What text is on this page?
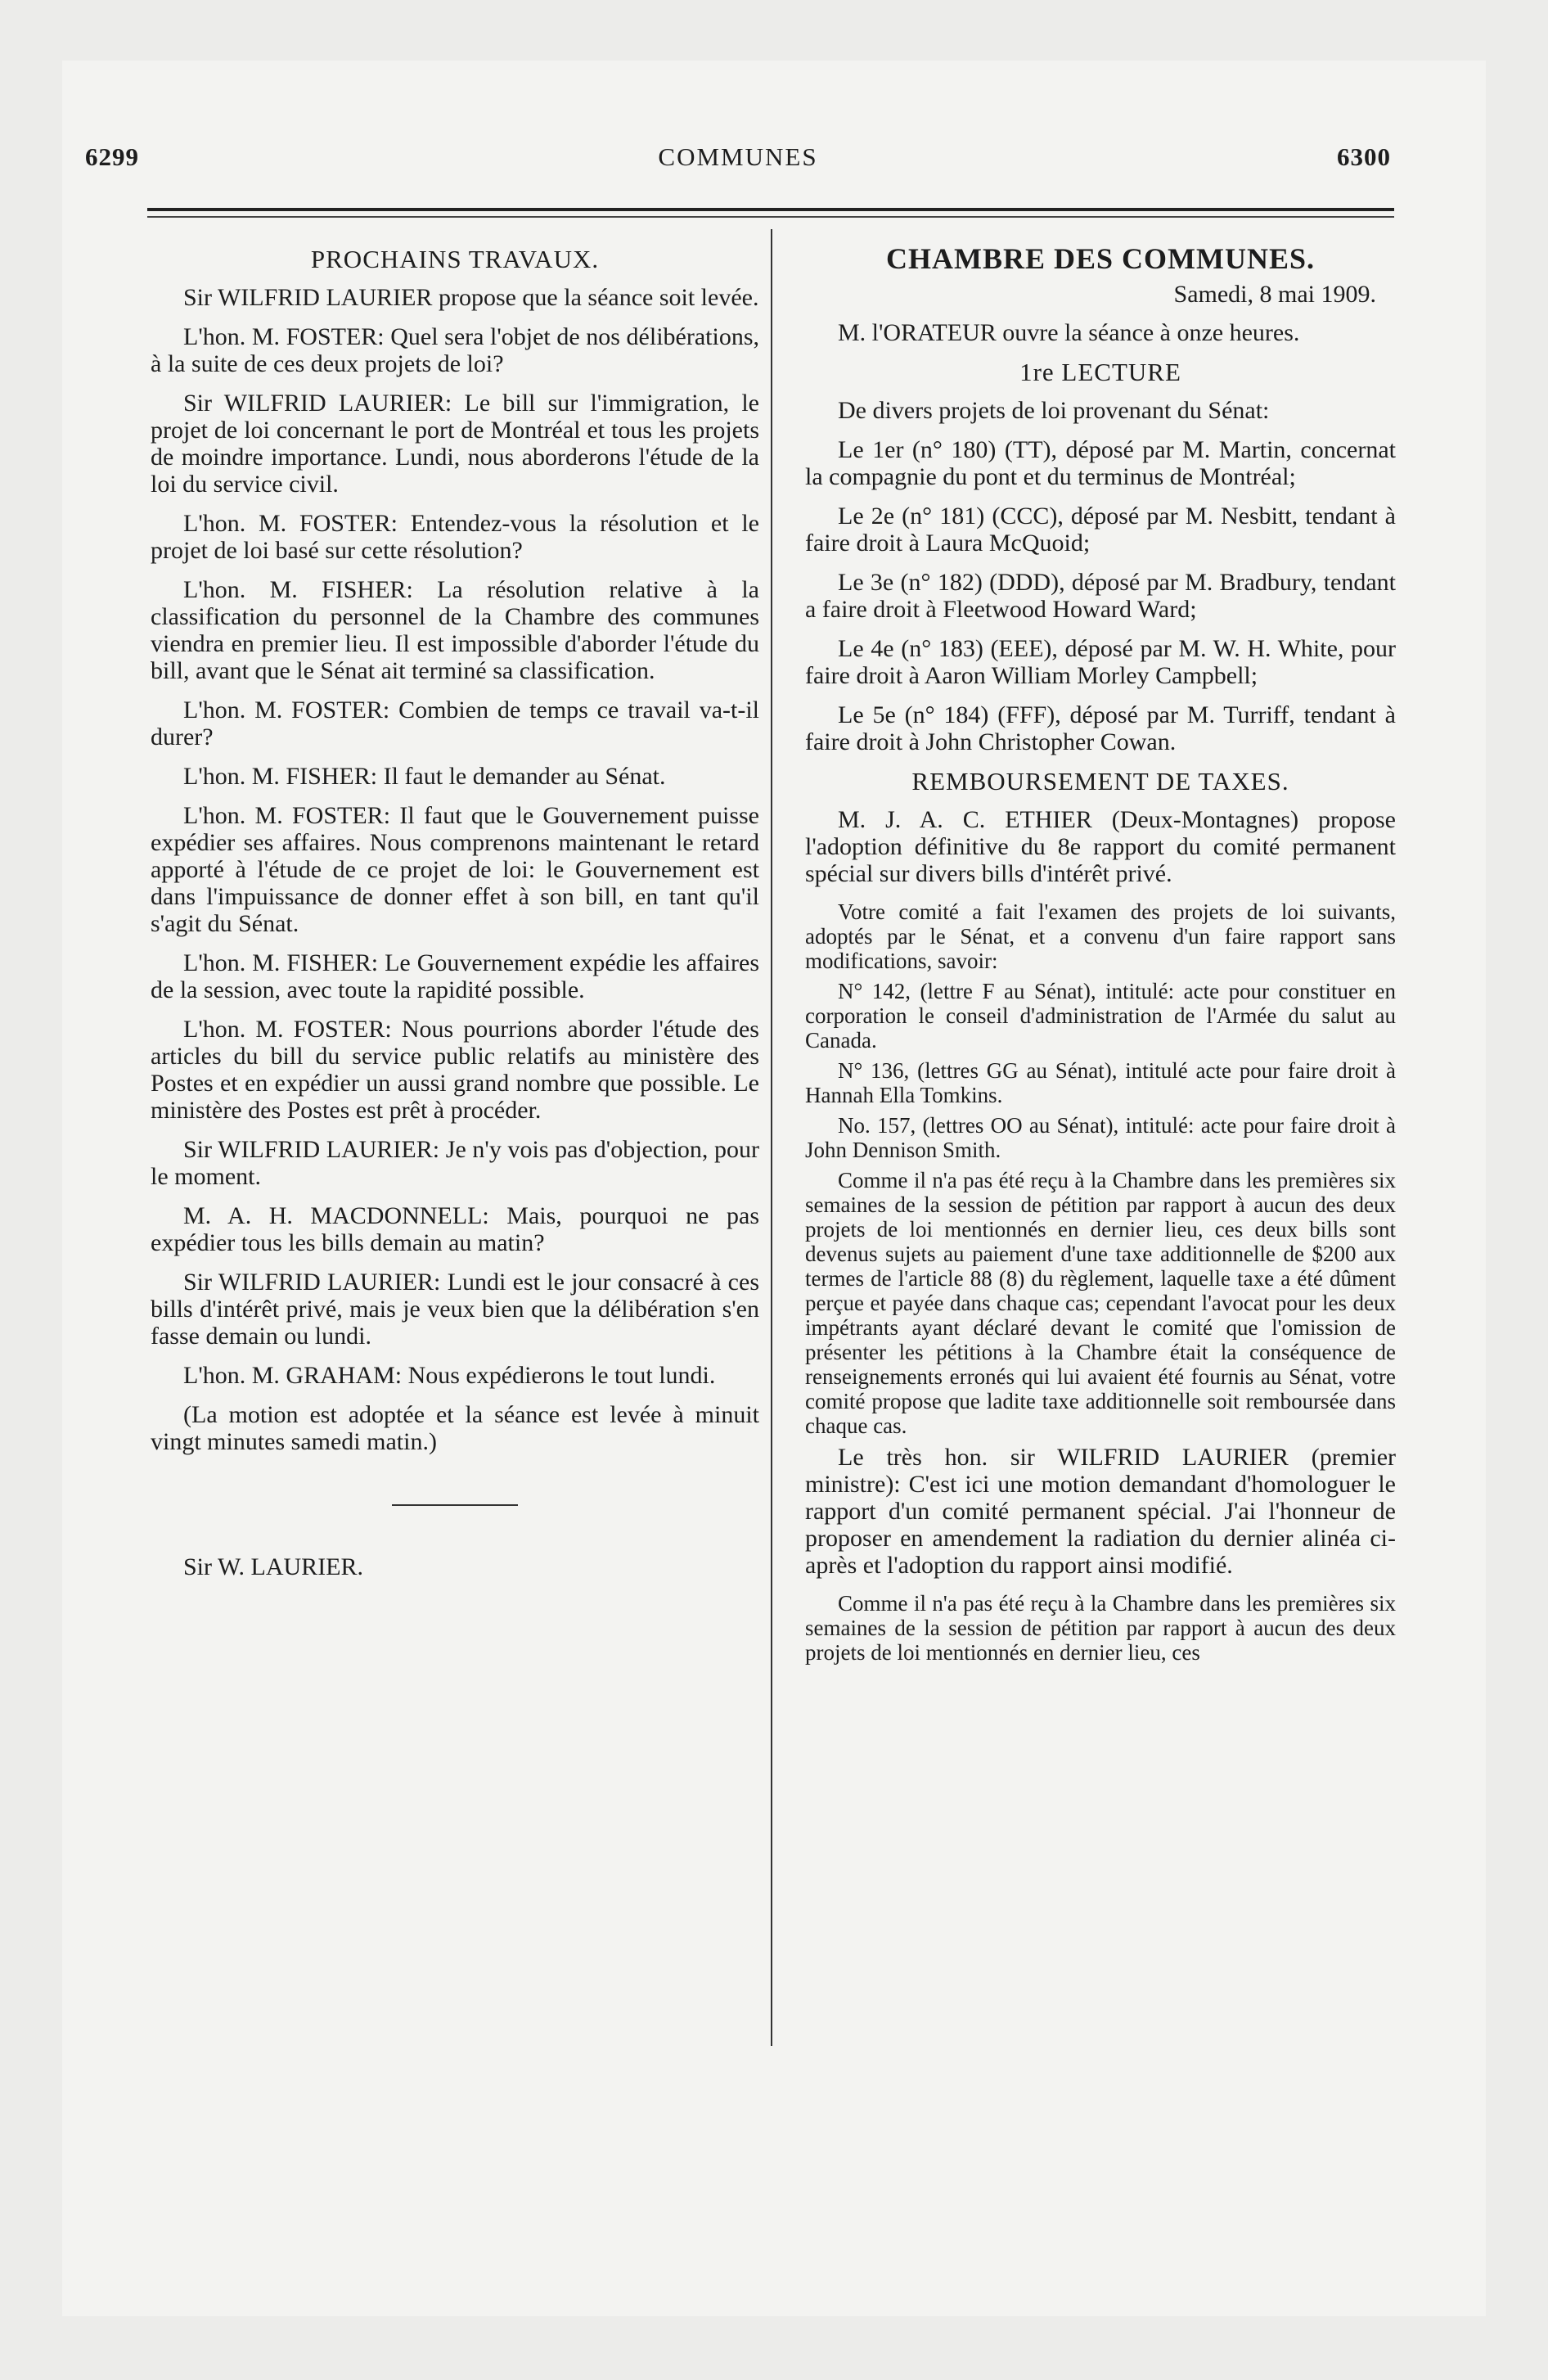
6299	COMMUNES	6300
PROCHAINS TRAVAUX.

Sir WILFRID LAURIER propose que la séance soit levée.

L'hon. M. FOSTER: Quel sera l'objet de nos délibérations, à la suite de ces deux projets de loi?

Sir WILFRID LAURIER: Le bill sur l'immigration, le projet de loi concernant le port de Montréal et tous les projets de moindre importance. Lundi, nous aborderons l'étude de la loi du service civil.

L'hon. M. FOSTER: Entendez-vous la résolution et le projet de loi basé sur cette résolution?

L'hon. M. FISHER: La résolution relative à la classification du personnel de la Chambre des communes viendra en premier lieu. Il est impossible d'aborder l'étude du bill, avant que le Sénat ait terminé sa classification.

L'hon. M. FOSTER: Combien de temps ce travail va-t-il durer?

L'hon. M. FISHER: Il faut le demander au Sénat.

L'hon. M. FOSTER: Il faut que le Gouvernement puisse expédier ses affaires. Nous comprenons maintenant le retard apporté à l'étude de ce projet de loi: le Gouvernement est dans l'impuissance de donner effet à son bill, en tant qu'il s'agit du Sénat.

L'hon. M. FISHER: Le Gouvernement expédie les affaires de la session, avec toute la rapidité possible.

L'hon. M. FOSTER: Nous pourrions aborder l'étude des articles du bill du service public relatifs au ministère des Postes et en expédier un aussi grand nombre que possible. Le ministère des Postes est prêt à procéder.

Sir WILFRID LAURIER: Je n'y vois pas d'objection, pour le moment.

M. A. H. MACDONNELL: Mais, pourquoi ne pas expédier tous les bills demain au matin?

Sir WILFRID LAURIER: Lundi est le jour consacré à ces bills d'intérêt privé, mais je veux bien que la délibération s'en fasse demain ou lundi.

L'hon. M. GRAHAM: Nous expédierons le tout lundi.

(La motion est adoptée et la séance est levée à minuit vingt minutes samedi matin.)

Sir W. LAURIER.

CHAMBRE DES COMMUNES.
Samedi, 8 mai 1909.

M. l'ORATEUR ouvre la séance à onze heures.

1re LECTURE

De divers projets de loi provenant du Sénat:

Le 1er (n° 180) (TT), déposé par M. Martin, concernat la compagnie du pont et du terminus de Montréal;

Le 2e (n° 181) (CCC), déposé par M. Nesbitt, tendant à faire droit à Laura McQuoid;

Le 3e (n° 182) (DDD), déposé par M. Bradbury, tendant a faire droit à Fleetwood Howard Ward;

Le 4e (n° 183) (EEE), déposé par M. W. H. White, pour faire droit à Aaron William Morley Campbell;

Le 5e (n° 184) (FFF), déposé par M. Turriff, tendant à faire droit à John Christopher Cowan.

REMBOURSEMENT DE TAXES.

M. J. A. C. ETHIER (Deux-Montagnes) propose l'adoption définitive du 8e rapport du comité permanent spécial sur divers bills d'intérêt privé.

Votre comité a fait l'examen des projets de loi suivants, adoptés par le Sénat, et a convenu d'un faire rapport sans modifications, savoir:

N° 142, (lettre F au Sénat), intitulé: acte pour constituer en corporation le conseil d'administration de l'Armée du salut au Canada.

N° 136, (lettres GG au Sénat), intitulé acte pour faire droit à Hannah Ella Tomkins.

No. 157, (lettres OO au Sénat), intitulé: acte pour faire droit à John Dennison Smith.

Comme il n'a pas été reçu à la Chambre dans les premières six semaines de la session de pétition par rapport à aucun des deux projets de loi mentionnés en dernier lieu, ces deux bills sont devenus sujets au paiement d'une taxe additionnelle de $200 aux termes de l'article 88 (8) du règlement, laquelle taxe a été dûment perçue et payée dans chaque cas; cependant l'avocat pour les deux impétrants ayant déclaré devant le comité que l'omission de présenter les pétitions à la Chambre était la conséquence de renseignements erronés qui lui avaient été fournis au Sénat, votre comité propose que ladite taxe additionnelle soit remboursée dans chaque cas.

Le très hon. sir WILFRID LAURIER (premier ministre): C'est ici une motion demandant d'homologuer le rapport d'un comité permanent spécial. J'ai l'honneur de proposer en amendement la radiation du dernier alinéa ci-après et l'adoption du rapport ainsi modifié.

Comme il n'a pas été reçu à la Chambre dans les premières six semaines de la session de pétition par rapport à aucun des deux projets de loi mentionnés en dernier lieu, ces
